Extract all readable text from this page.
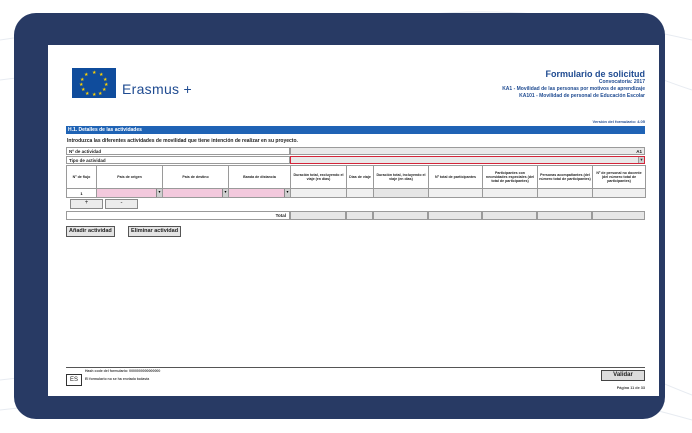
★ ★
★
★
★
★
★
★
★
★
★
★
Erasmus +
Formulario de solicitud
Convocatoria: 2017
KA1 - Movilidad de las personas por motivos de aprendizaje
KA101 - Movilidad de personal de Educación Escolar
Versión del formulario: 4.05
H.1. Detalles de las actividades
Introduzca las diferentes actividades de movilidad que tiene intención de realizar en su proyecto.
Nº de actividad	A1
Tipo de actividad	▼
Nº de flujo	País de origen	País de destino	Banda de distancia	Duración total, excluyendo el viaje (en días)	Días de viaje	Duración total, incluyendo el viaje (en días)	Nº total de participantes	Participantes con necesidades especiales (del total de participantes)	Personas acompañantes (del número total de participantes)	Nº de personal no docente (del número total de participantes)
1	▼	▼	▼							

+	-
Total
Añadir actividad	Eliminar actividad
Hash code del formulario: 0000000000000000
ES	El formulario no se ha enviado todavía
Validar
Página 11 de 33
